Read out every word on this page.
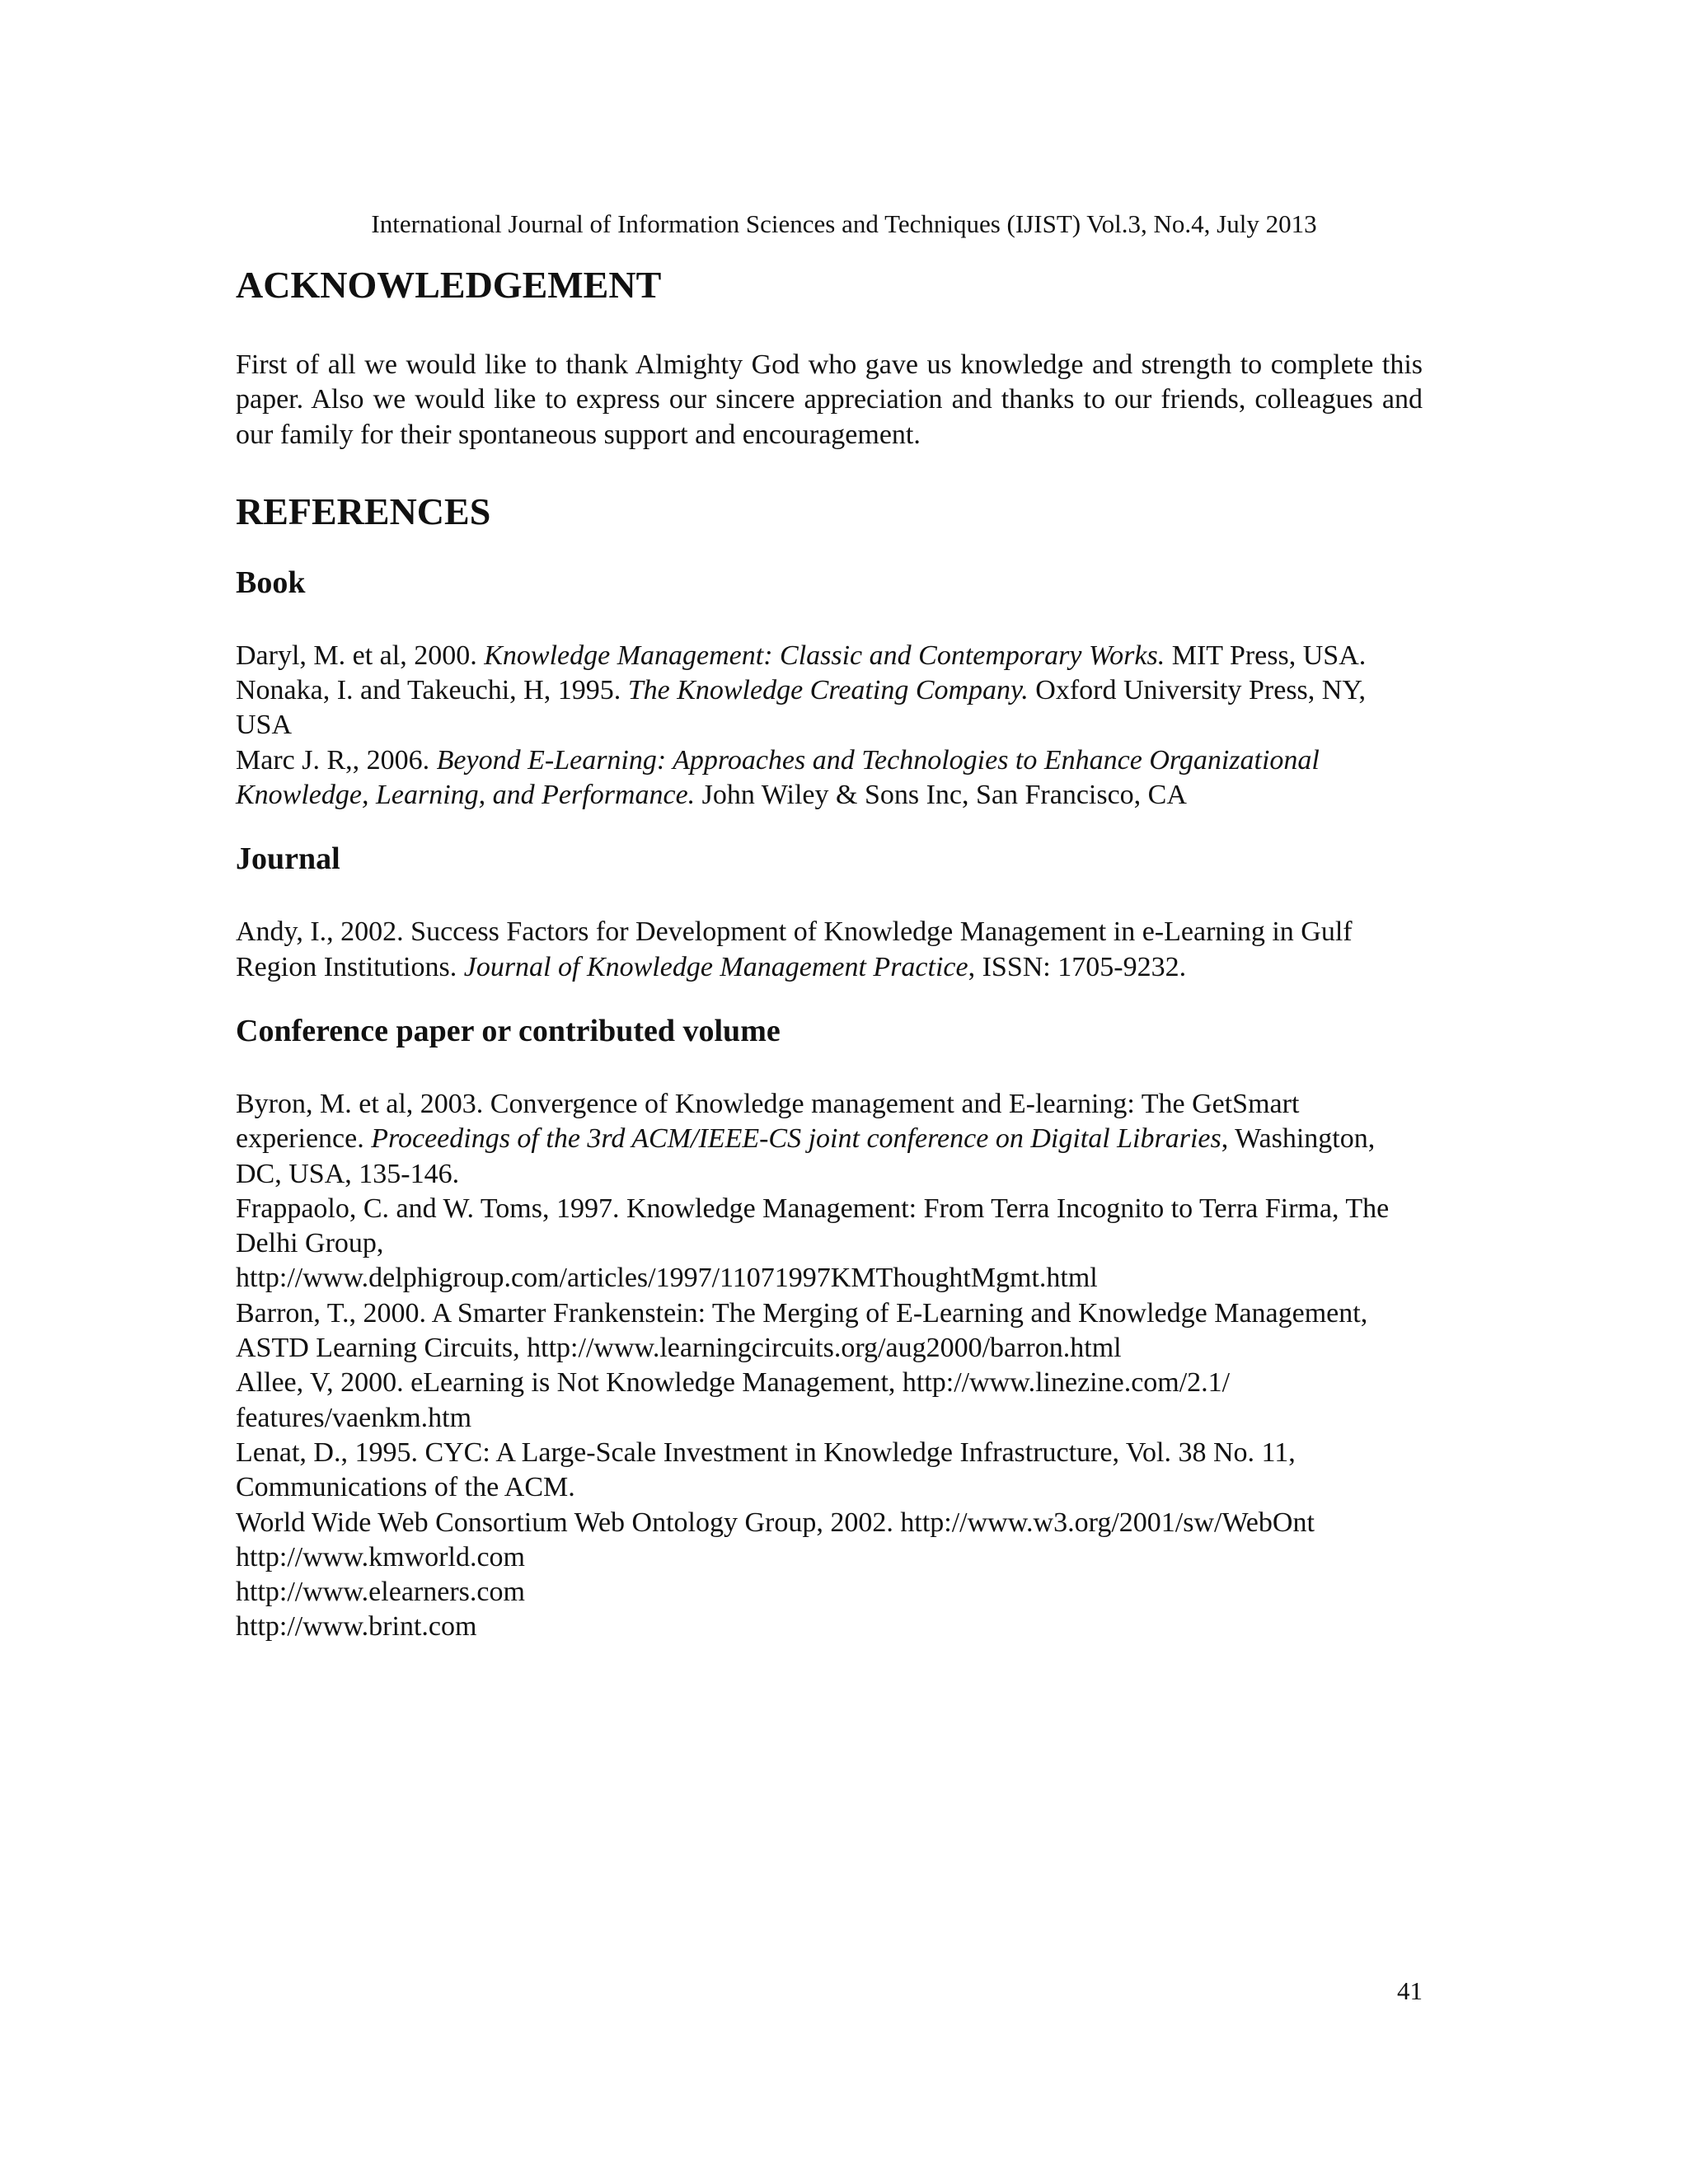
International Journal of Information Sciences and Techniques (IJIST) Vol.3, No.4, July 2013
ACKNOWLEDGEMENT

First of all we would like to thank Almighty God who gave us knowledge and strength to complete this paper. Also we would like to express our sincere appreciation and thanks to our friends, colleagues and our family for their spontaneous support and encouragement.

REFERENCES
Book

Daryl, M. et al, 2000. Knowledge Management: Classic and Contemporary Works. MIT Press, USA.

Nonaka, I. and Takeuchi, H, 1995. The Knowledge Creating Company. Oxford University Press, NY, USA

Marc J. R,, 2006. Beyond E-Learning: Approaches and Technologies to Enhance Organizational Knowledge, Learning, and Performance. John Wiley & Sons Inc, San Francisco, CA

Journal

Andy, I., 2002. Success Factors for Development of Knowledge Management in e-Learning in Gulf Region Institutions. Journal of Knowledge Management Practice, ISSN: 1705-9232.

Conference paper or contributed volume

Byron, M. et al, 2003. Convergence of Knowledge management and E-learning: The GetSmart experience. Proceedings of the 3rd ACM/IEEE-CS joint conference on Digital Libraries, Washington, DC, USA, 135-146.

Frappaolo, C. and W. Toms, 1997. Knowledge Management: From Terra Incognito to Terra Firma, The Delhi Group,
http://www.delphigroup.com/articles/1997/11071997KMThoughtMgmt.html

Barron, T., 2000. A Smarter Frankenstein: The Merging of E-Learning and Knowledge Management, ASTD Learning Circuits, http://www.learningcircuits.org/aug2000/barron.html

Allee, V, 2000. eLearning is Not Knowledge Management, http://www.linezine.com/2.1/
features/vaenkm.htm

Lenat, D., 1995. CYC: A Large-Scale Investment in Knowledge Infrastructure, Vol. 38 No. 11, Communications of the ACM.

World Wide Web Consortium Web Ontology Group, 2002. http://www.w3.org/2001/sw/WebOnt

http://www.kmworld.com

http://www.elearners.com

http://www.brint.com

41
